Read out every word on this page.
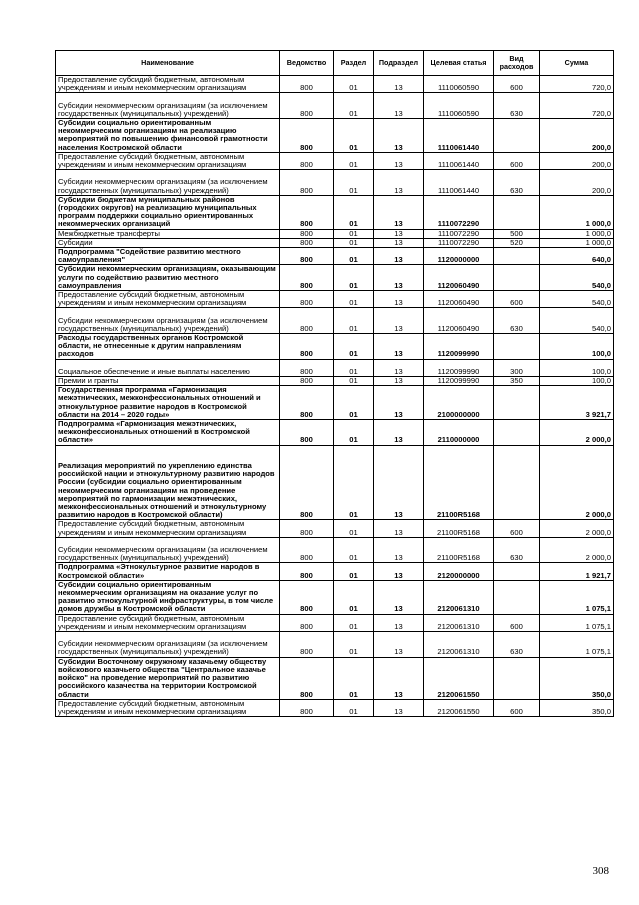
Наименование	Ведомство	Раздел	Подраздел	Целевая статья	Вид расходов	Сумма
Предоставление субсидий бюджетным, автономным учреждениям и иным некоммерческим организациям	800	01	13	1110060590	600	720,0
Субсидии некоммерческим организациям (за исключением государственных (муниципальных) учреждений)	800	01	13	1110060590	630	720,0
Субсидии социально ориентированным некоммерческим организациям на реализацию мероприятий по повышению финансовой грамотности населения Костромской области	800	01	13	1110061440		200,0
Предоставление субсидий бюджетным, автономным учреждениям и иным некоммерческим организациям	800	01	13	1110061440	600	200,0
Субсидии некоммерческим организациям (за исключением государственных (муниципальных) учреждений)	800	01	13	1110061440	630	200,0
Субсидии бюджетам муниципальных районов (городских округов) на реализацию муниципальных программ поддержки социально ориентированных некоммерческих организаций	800	01	13	1110072290		1 000,0
Межбюджетные трансферты	800	01	13	1110072290	500	1 000,0
Субсидии	800	01	13	1110072290	520	1 000,0
Подпрограмма "Содействие развитию местного самоуправления"	800	01	13	1120000000		640,0
Субсидии некоммерческим организациям, оказывающим услуги по содействию развитию местного самоуправления	800	01	13	1120060490		540,0
Предоставление субсидий бюджетным, автономным учреждениям и иным некоммерческим организациям	800	01	13	1120060490	600	540,0
Субсидии некоммерческим организациям (за исключением государственных (муниципальных) учреждений)	800	01	13	1120060490	630	540,0
Расходы государственных органов Костромской области, не отнесенные к другим направлениям расходов	800	01	13	1120099990		100,0
Социальное обеспечение и иные выплаты населению	800	01	13	1120099990	300	100,0
Премии и гранты	800	01	13	1120099990	350	100,0
Государственная программа «Гармонизация межэтнических, межконфессиональных отношений и этнокультурное развитие народов в Костромской области на 2014 – 2020 годы»	800	01	13	2100000000		3 921,7
Подпрограмма «Гармонизация межэтнических, межконфессиональных отношений в Костромской области»	800	01	13	2110000000		2 000,0
Реализация мероприятий по укреплению единства российской нации и этнокультурному развитию народов России (субсидии социально ориентированным некоммерческим организациям на проведение мероприятий по гармонизации межэтнических, межконфессиональных отношений и этнокультурному развитию народов в Костромской области)	800	01	13	21100R5168		2 000,0
Предоставление субсидий бюджетным, автономным учреждениям и иным некоммерческим организациям	800	01	13	21100R5168	600	2 000,0
Субсидии некоммерческим организациям (за исключением государственных (муниципальных) учреждений)	800	01	13	21100R5168	630	2 000,0
Подпрограмма «Этнокультурное развитие народов в Костромской области»	800	01	13	2120000000		1 921,7
Субсидии социально ориентированным некоммерческим организациям на оказание услуг по развитию этнокультурной инфраструктуры, в том числе домов дружбы в Костромской области	800	01	13	2120061310		1 075,1
Предоставление субсидий бюджетным, автономным учреждениям и иным некоммерческим организациям	800	01	13	2120061310	600	1 075,1
Субсидии некоммерческим организациям (за исключением государственных (муниципальных) учреждений)	800	01	13	2120061310	630	1 075,1
Субсидии Восточному окружному казачьему обществу войскового казачьего общества "Центральное казачье войско" на проведение мероприятий по развитию российского казачества на территории Костромской области	800	01	13	2120061550		350,0
Предоставление субсидий бюджетным, автономным учреждениям и иным некоммерческим организациям	800	01	13	2120061550	600	350,0
308
